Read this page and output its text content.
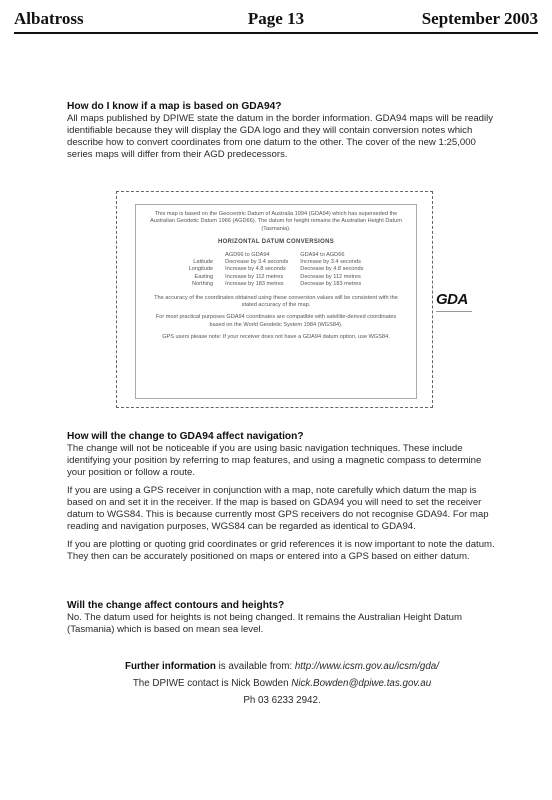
Albatross	Page 13	September 2003
How do I know if a map is based on GDA94?

All maps published by DPIWE state the datum in the border information. GDA94 maps will be readily identifiable because they will display the GDA logo and they will contain conversion notes which describe how to convert coordinates from one datum to the other. The cover of the new 1:25,000 series maps will differ from their AGD predecessors.

This map is based on the Geocentric Datum of Australia 1994 (GDA94) which has superseded the Australian Geodetic Datum 1966 (AGD66). The datum for height remains the Australian Height Datum (Tasmania).

HORIZONTAL DATUM CONVERSIONS
	AGD66 to GDA94	GDA94 to AGD66
Latitude	Decrease by 3.4 seconds	Increase by 3.4 seconds
Longitude	Increase by 4.8 seconds	Decrease by 4.8 seconds
Easting	Increase by 112 metres	Decrease by 112 metres
Northing	Increase by 183 metres	Decrease by 183 metres

The accuracy of the coordinates obtained using these conversion values will be consistent with the stated accuracy of the map.

For most practical purposes GDA94 coordinates are compatible with satellite-derived coordinates based on the World Geodetic System 1984 (WGS84).

GPS users please note: If your receiver does not have a GDA94 datum option, use WGS84.

GDA
How will the change to GDA94 affect navigation?

The change will not be noticeable if you are using basic navigation techniques. These include identifying your position by referring to map features, and using a magnetic compass to determine your position or follow a route.

If you are using a GPS receiver in conjunction with a map, note carefully which datum the map is based on and set it in the receiver. If the map is based on GDA94 you will need to set the receiver datum to WGS84. This is because currently most GPS receivers do not recognise GDA94. For map reading and navigation purposes, WGS84 can be regarded as identical to GDA94.

If you are plotting or quoting grid coordinates or grid references it is now important to note the datum. They then can be accurately positioned on maps or entered into a GPS based on either datum.

Will the change affect contours and heights?

No. The datum used for heights is not being changed. It remains the Australian Height Datum (Tasmania) which is based on mean sea level.

Further information is available from: http://www.icsm.gov.au/icsm/gda/
The DPIWE contact is Nick Bowden Nick.Bowden@dpiwe.tas.gov.au
Ph 03 6233 2942.
